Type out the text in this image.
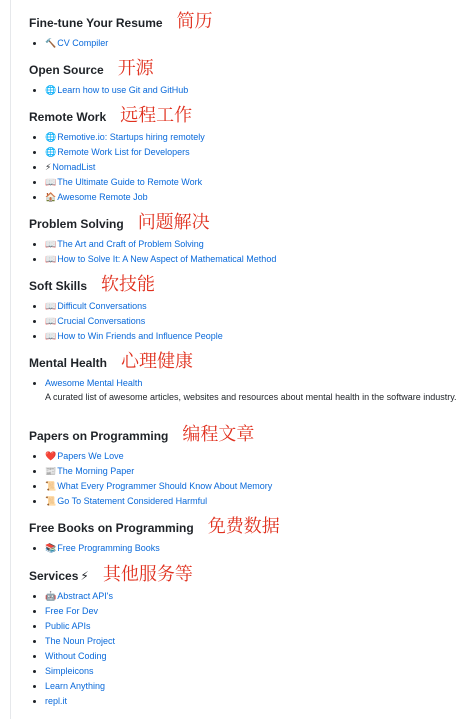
Fine-tune Your Resume 简历
• 🔨CV Compiler
Open Source 开源
• 🌐Learn how to use Git and GitHub
Remote Work 远程工作
• 🌐Remotive.io: Startups hiring remotely
• 🌐Remote Work List for Developers
• ⚡NomadList
• 📖The Ultimate Guide to Remote Work
• 🏠Awesome Remote Job
Problem Solving 问题解决
• 📖The Art and Craft of Problem Solving
• 📖How to Solve It: A New Aspect of Mathematical Method
Soft Skills 软技能
• 📖Difficult Conversations
• 📖Crucial Conversations
• 📖How to Win Friends and Influence People
Mental Health 心理健康
• Awesome Mental Health
A curated list of awesome articles, websites and resources about mental health in the software industry.
Papers on Programming 编程文章
• ❤️Papers We Love
• 📰The Morning Paper
• 📜What Every Programmer Should Know About Memory
• 📜Go To Statement Considered Harmful
Free Books on Programming 免费数据
• 📚Free Programming Books
Services ⚡ 其他服务等
• 🤖Abstract API's
• Free For Dev
• Public APIs
• The Noun Project
• Without Coding
• Simpleicons
• Learn Anything
• repl.it
